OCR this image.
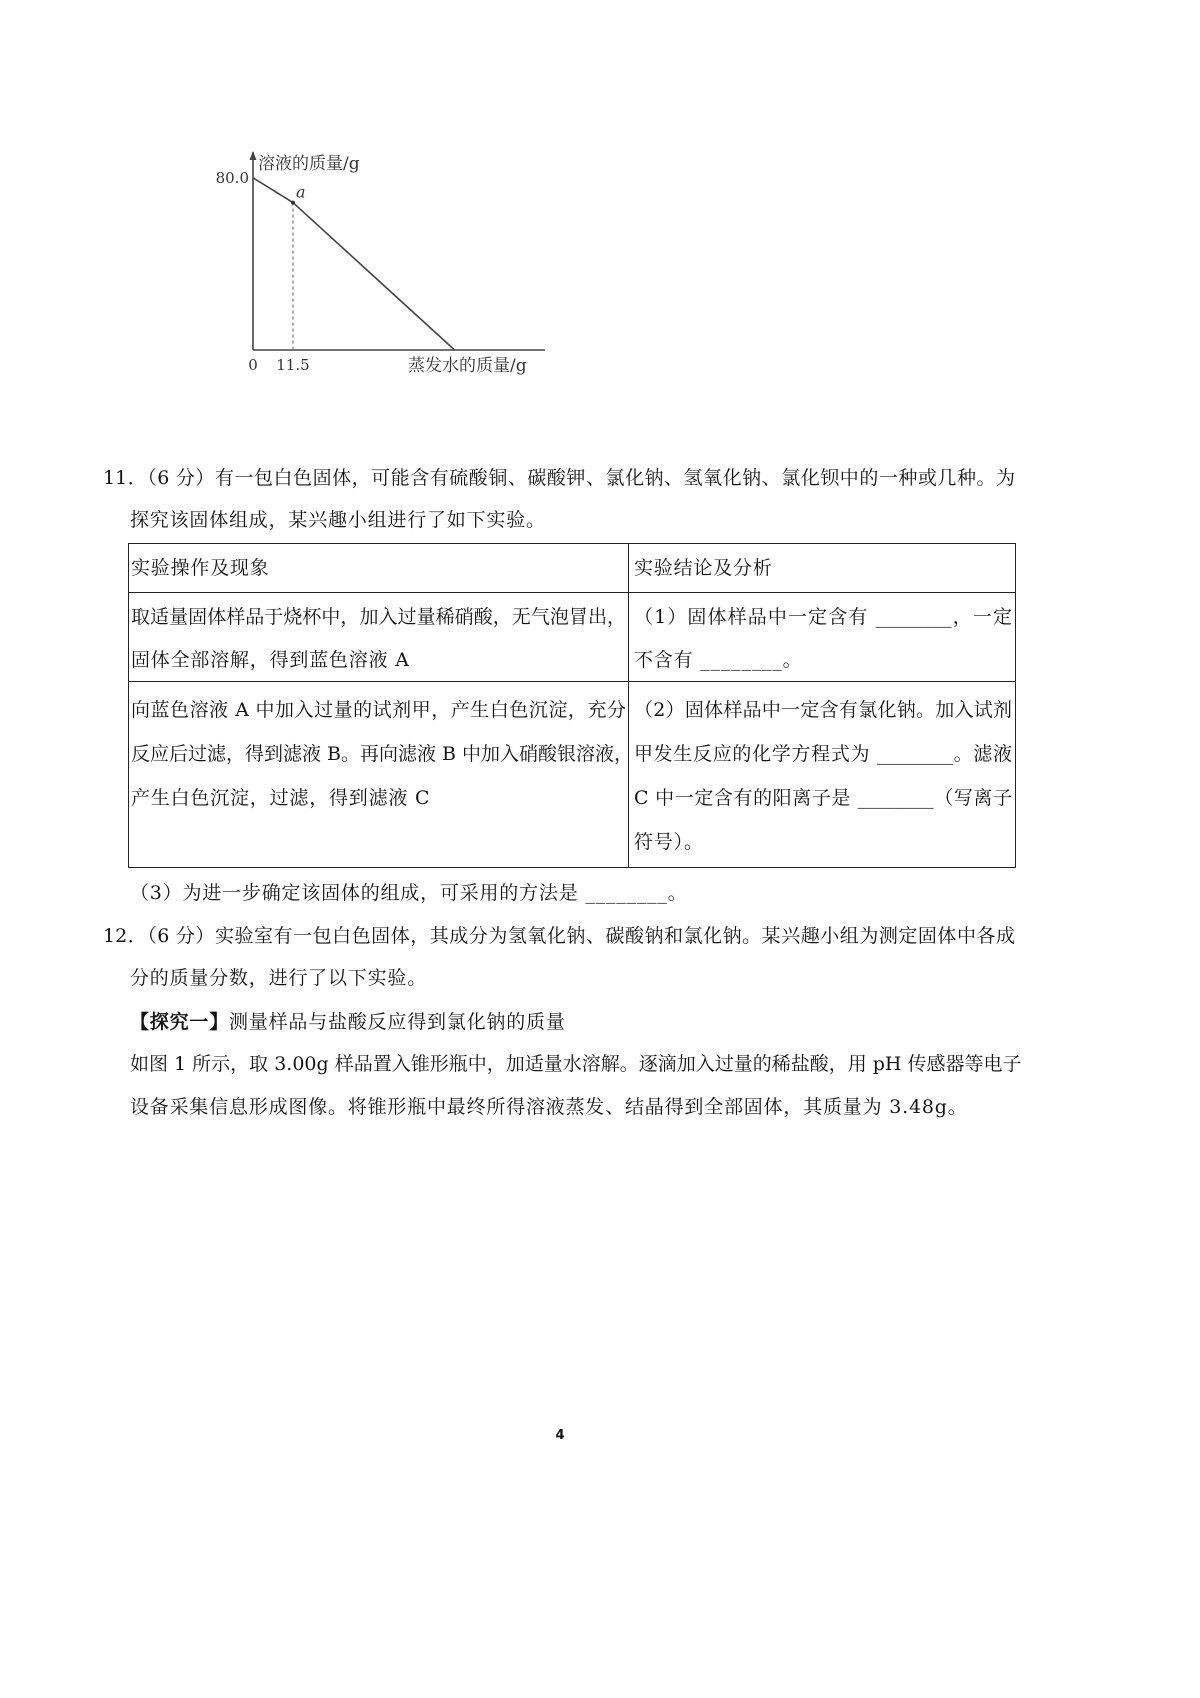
0 11.5
80.0
a
溶液的质量/g
蒸发水的质量/g
11．（6 分）有一包白色固体，可能含有硫酸铜、碳酸钾、氯化钠、氢氧化钠、氯化钡中的一种或几种。为
探究该固体组成，某兴趣小组进行了如下实验。
实验操作及现象	实验结论及分析
取适量固体样品于烧杯中，加入过量稀硝酸，无气泡冒出，
固体全部溶解，得到蓝色溶液 A
（1）固体样品中一定含有 ________，一定
不含有 ________。
向蓝色溶液 A 中加入过量的试剂甲，产生白色沉淀，充分
反应后过滤，得到滤液 B。再向滤液 B 中加入硝酸银溶液，
产生白色沉淀，过滤，得到滤液 C
（2）固体样品中一定含有氯化钠。加入试剂
甲发生反应的化学方程式为 ________。滤液
C 中一定含有的阳离子是 ________（写离子
符号）。
（3）为进一步确定该固体的组成，可采用的方法是 ________。
12．（6 分）实验室有一包白色固体，其成分为氢氧化钠、碳酸钠和氯化钠。某兴趣小组为测定固体中各成
分的质量分数，进行了以下实验。
【探究一】测量样品与盐酸反应得到氯化钠的质量
如图 1 所示，取 3.00g 样品置入锥形瓶中，加适量水溶解。逐滴加入过量的稀盐酸，用 pH 传感器等电子
设备采集信息形成图像。将锥形瓶中最终所得溶液蒸发、结晶得到全部固体，其质量为 3.48g。
4
